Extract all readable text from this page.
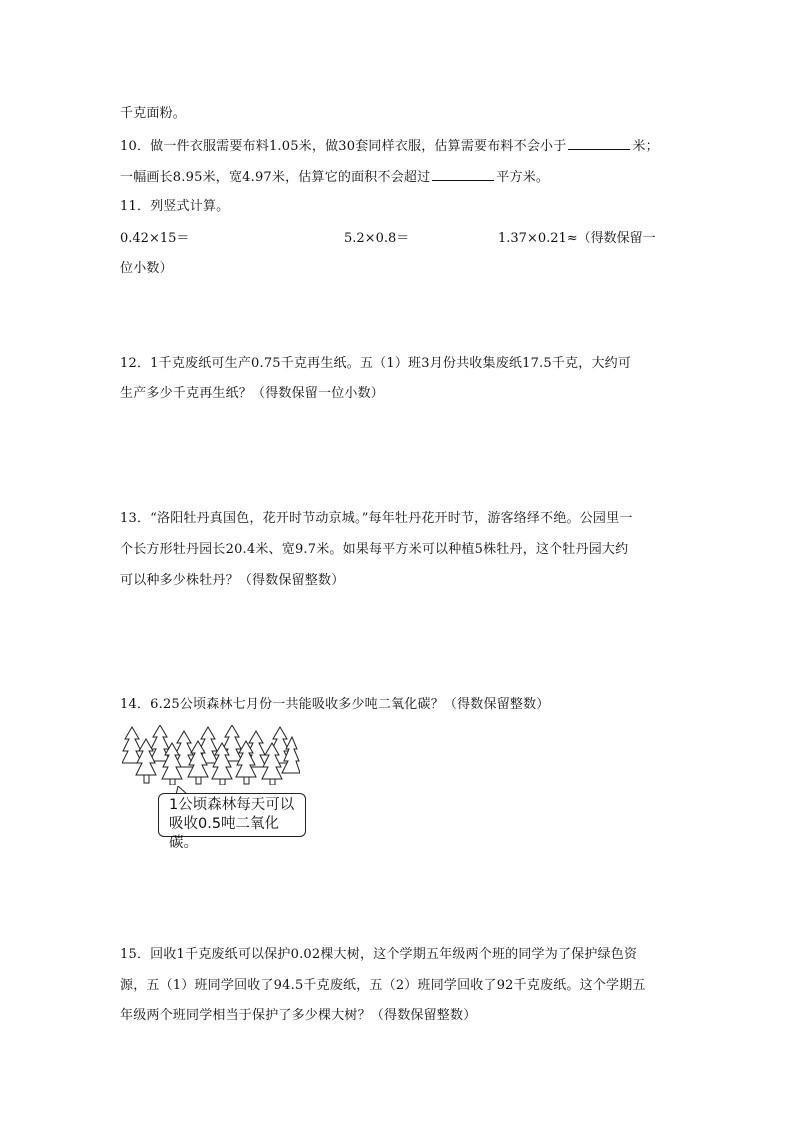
千克面粉。
10．做一件衣服需要布料1.05米，做30套同样衣服，估算需要布料不会小于	米；
一幅画长8.95米，宽4.97米，估算它的面积不会超过	平方米。
11．列竖式计算。
0.42×15＝	5.2×0.8＝	1.37×0.21≈（得数保留一
位小数）
12．1千克废纸可生产0.75千克再生纸。五（1）班3月份共收集废纸17.5千克，大约可
生产多少千克再生纸？（得数保留一位小数）
13．“洛阳牡丹真国色，花开时节动京城。”每年牡丹花开时节，游客络绎不绝。公园里一
个长方形牡丹园长20.4米、宽9.7米。如果每平方米可以种植5株牡丹，这个牡丹园大约
可以种多少株牡丹？（得数保留整数）
14．6.25公顷森林七月份一共能吸收多少吨二氧化碳？（得数保留整数）
1公顷森林每天可以
吸收0.5吨二氧化碳。
15．回收1千克废纸可以保护0.02棵大树，这个学期五年级两个班的同学为了保护绿色资
源，五（1）班同学回收了94.5千克废纸，五（2）班同学回收了92千克废纸。这个学期五
年级两个班同学相当于保护了多少棵大树？（得数保留整数）
